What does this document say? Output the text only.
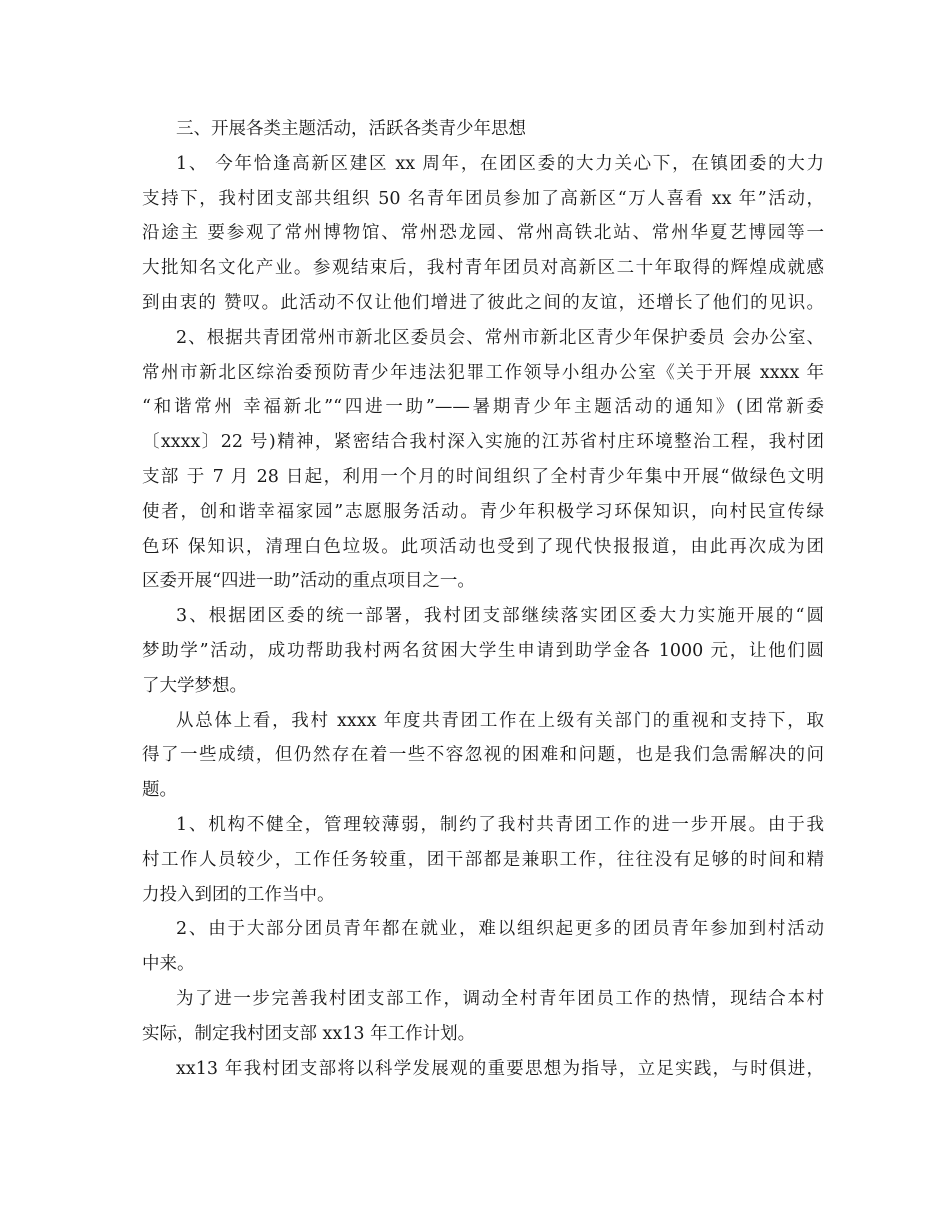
三、开展各类主题活动，活跃各类青少年思想
1、 今年恰逢高新区建区 xx 周年，在团区委的大力关心下，在镇团委的大力
支持下，我村团支部共组织 50 名青年团员参加了高新区“万人喜看 xx 年”活动，
沿途主 要参观了常州博物馆、常州恐龙园、常州高铁北站、常州华夏艺博园等一
大批知名文化产业。参观结束后，我村青年团员对高新区二十年取得的辉煌成就感
到由衷的 赞叹。此活动不仅让他们增进了彼此之间的友谊，还增长了他们的见识。
2、根据共青团常州市新北区委员会、常州市新北区青少年保护委员 会办公室、
常州市新北区综治委预防青少年违法犯罪工作领导小组办公室《关于开展 xxxx 年
“和谐常州 幸福新北”“四进一助”——暑期青少年主题活动的通知》(团常新委
〔xxxx〕22 号)精神，紧密结合我村深入实施的江苏省村庄环境整治工程，我村团
支部 于 7 月 28 日起，利用一个月的时间组织了全村青少年集中开展“做绿色文明
使者，创和谐幸福家园”志愿服务活动。青少年积极学习环保知识，向村民宣传绿
色环 保知识，清理白色垃圾。此项活动也受到了现代快报报道，由此再次成为团
区委开展“四进一助”活动的重点项目之一。
3、根据团区委的统一部署，我村团支部继续落实团区委大力实施开展的“圆
梦助学”活动，成功帮助我村两名贫困大学生申请到助学金各 1000 元，让他们圆
了大学梦想。
从总体上看，我村 xxxx 年度共青团工作在上级有关部门的重视和支持下，取
得了一些成绩，但仍然存在着一些不容忽视的困难和问题，也是我们急需解决的问
题。
1、机构不健全，管理较薄弱，制约了我村共青团工作的进一步开展。由于我
村工作人员较少，工作任务较重，团干部都是兼职工作，往往没有足够的时间和精
力投入到团的工作当中。
2、由于大部分团员青年都在就业，难以组织起更多的团员青年参加到村活动
中来。
为了进一步完善我村团支部工作，调动全村青年团员工作的热情，现结合本村
实际，制定我村团支部 xx13 年工作计划。
xx13 年我村团支部将以科学发展观的重要思想为指导，立足实践，与时俱进，
